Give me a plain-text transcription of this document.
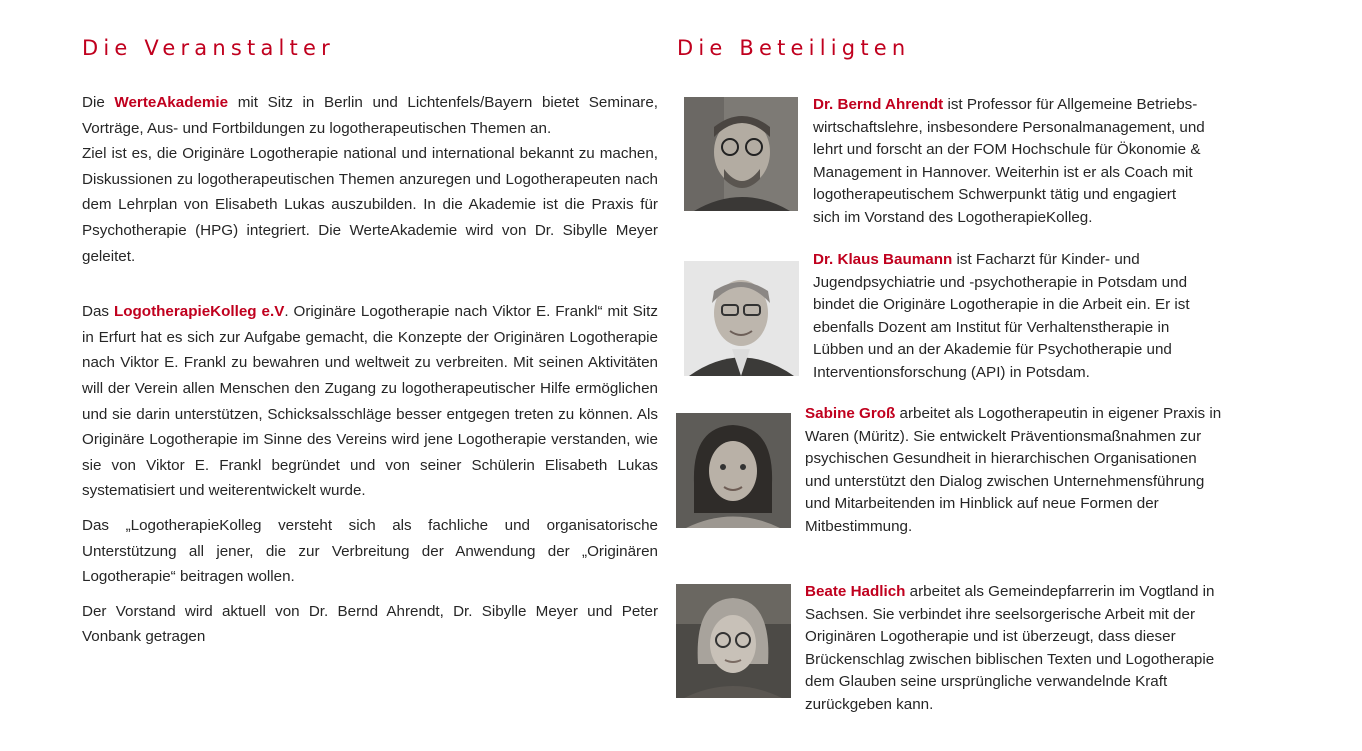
Die Veranstalter	Die Beteiligten

Die WerteAkademie mit Sitz in Berlin und Lichtenfels/Bayern bietet Seminare, Vorträge, Aus- und Fortbildungen zu logotherapeutischen Themen an.

Ziel ist es, die Originäre Logotherapie national und international bekannt zu machen, Diskussionen zu logotherapeutischen Themen anzuregen und Logotherapeuten nach dem Lehrplan von Elisabeth Lukas auszubilden. In die Akademie ist die Praxis für Psychotherapie (HPG) integriert. Die WerteAkademie wird von Dr. Sibylle Meyer geleitet.

Das LogotherapieKolleg e.V. Originäre Logotherapie nach Viktor E. Frankl“ mit Sitz in Erfurt hat es sich zur Aufgabe gemacht, die Konzepte der Originären Logotherapie nach Viktor E. Frankl zu bewahren und weltweit zu verbreiten. Mit seinen Aktivitäten will der Verein allen Menschen den Zugang zu logotherapeutischer Hilfe ermöglichen und sie darin unterstützen, Schicksalsschläge besser entgegen treten zu können. Als Originäre Logotherapie im Sinne des Vereins wird jene Logotherapie verstanden, wie sie von Viktor E. Frankl begründet und von seiner Schülerin Elisabeth Lukas systematisiert und weiterentwickelt wurde.

Das „LogotherapieKolleg versteht sich als fachliche und organisatorische Unterstützung all jener, die zur Verbreitung der Anwendung der „Originären Logotherapie“ beitragen wollen.

Der Vorstand wird aktuell von Dr. Bernd Ahrendt, Dr. Sibylle Meyer und Peter Vonbank getragen

Dr. Bernd Ahrendt ist Professor für Allgemeine Betriebs-
wirtschaftslehre, insbesondere Personalmanagement, und
lehrt und forscht an der FOM Hochschule für Ökonomie &
Management in Hannover. Weiterhin ist er als Coach mit
logotherapeutischem Schwerpunkt tätig und engagiert
sich im Vorstand des LogotherapieKolleg.
Dr. Klaus Baumann ist Facharzt für Kinder- und
Jugendpsychiatrie und -psychotherapie in Potsdam und
bindet die Originäre Logotherapie in die Arbeit ein. Er ist
ebenfalls Dozent am Institut für Verhaltenstherapie in
Lübben und an der Akademie für Psychotherapie und
Interventionsforschung (API) in Potsdam.
Sabine Groß arbeitet als Logotherapeutin in eigener Praxis in
Waren (Müritz). Sie entwickelt Präventionsmaßnahmen zur
psychischen Gesundheit in hierarchischen Organisationen
und unterstützt den Dialog zwischen Unternehmensführung
und Mitarbeitenden im Hinblick auf neue Formen der
Mitbestimmung.
Beate Hadlich arbeitet als Gemeindepfarrerin im Vogtland in
Sachsen. Sie verbindet ihre seelsorgerische Arbeit mit der
Originären Logotherapie und ist überzeugt, dass dieser
Brückenschlag zwischen biblischen Texten und Logotherapie
dem Glauben seine ursprüngliche verwandelnde Kraft
zurückgeben kann.
